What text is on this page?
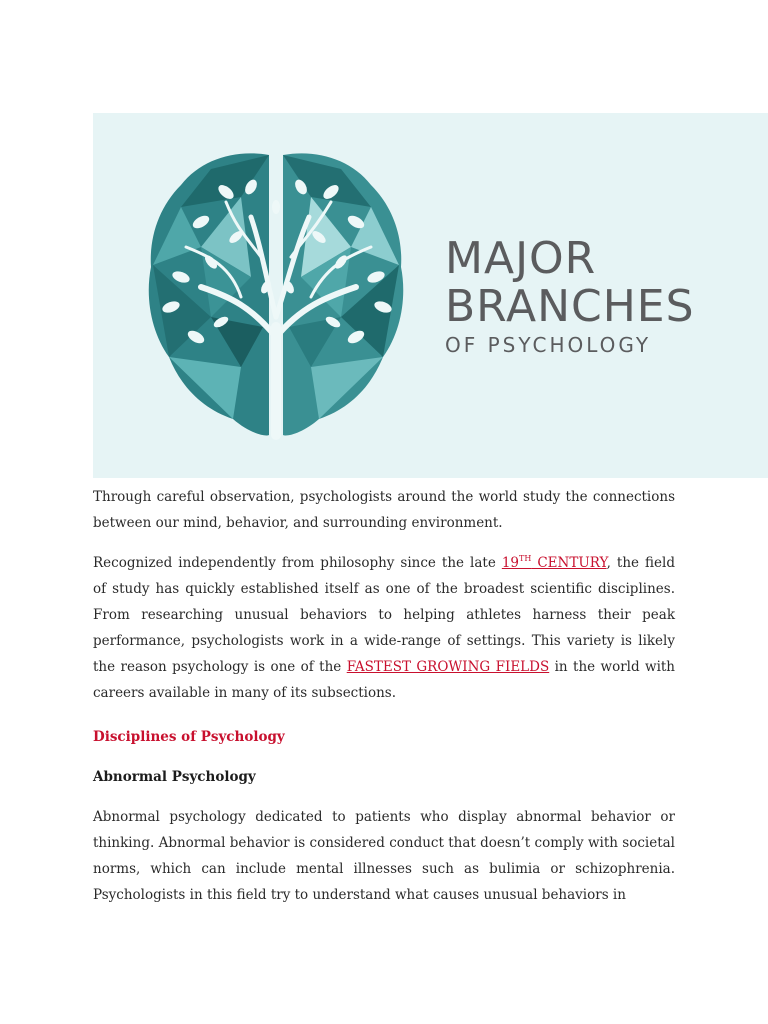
MAJOR
BRANCHES
OF PSYCHOLOGY

Through careful observation, psychologists around the world study the connections between our mind, behavior, and surrounding environment.

Recognized independently from philosophy since the late 19TH CENTURY, the field of study has quickly established itself as one of the broadest scientific disciplines. From researching unusual behaviors to helping athletes harness their peak performance, psychologists work in a wide-range of settings. This variety is likely the reason psychology is one of the FASTEST GROWING FIELDS in the world with careers available in many of its subsections.

Disciplines of Psychology
Abnormal Psychology

Abnormal psychology dedicated to patients who display abnormal behavior or thinking. Abnormal behavior is considered conduct that doesn’t comply with societal norms, which can include mental illnesses such as bulimia or schizophrenia. Psychologists in this field try to understand what causes unusual behaviors in
